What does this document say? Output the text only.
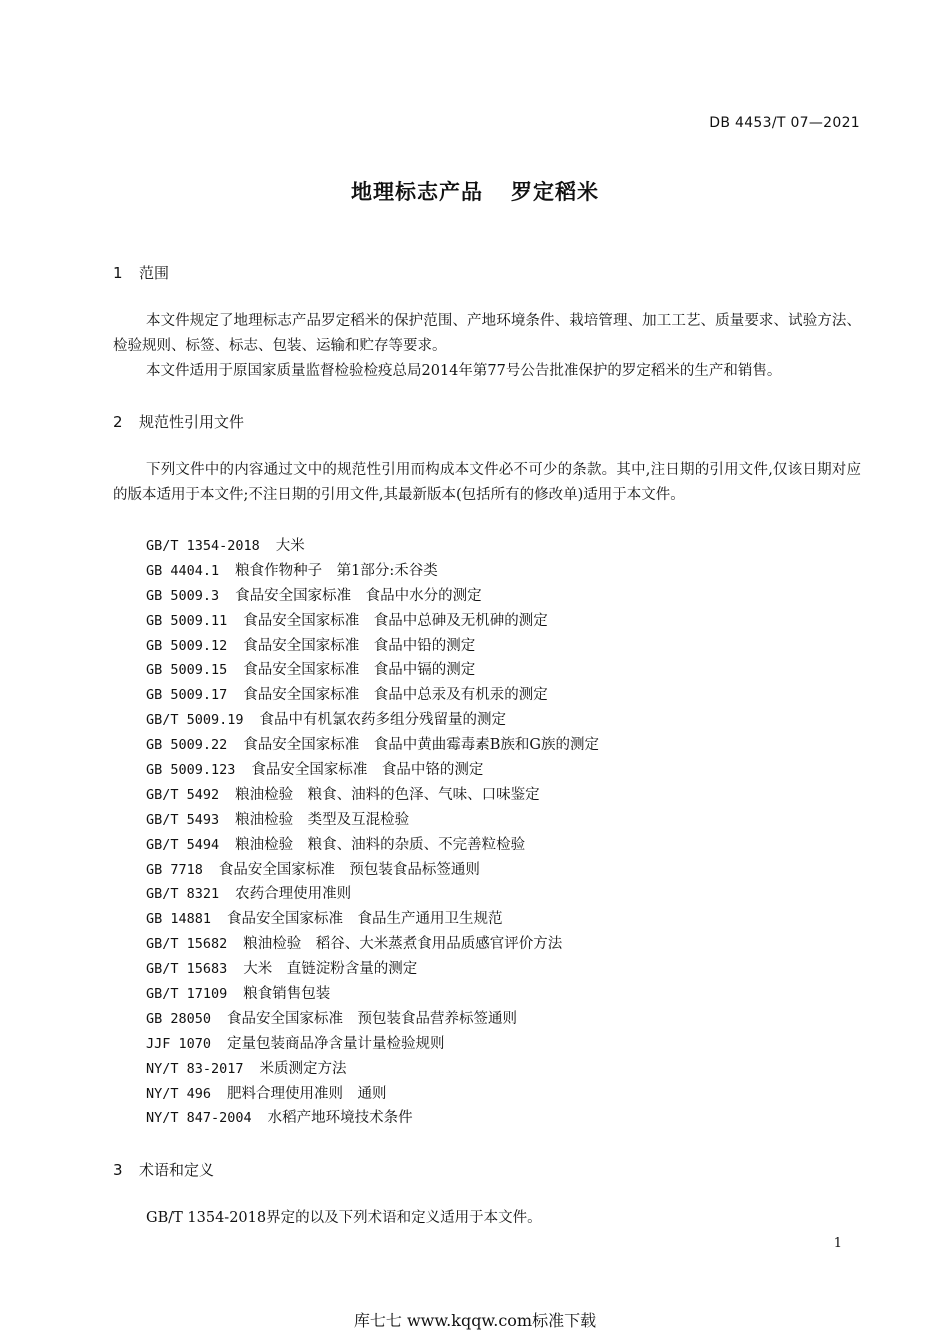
DB 4453/T 07—2021
地理标志产品 罗定稻米
1 范围

本文件规定了地理标志产品罗定稻米的保护范围、产地环境条件、栽培管理、加工工艺、质量要求、试验方法、检验规则、标签、标志、包装、运输和贮存等要求。

本文件适用于原国家质量监督检验检疫总局2014年第77号公告批准保护的罗定稻米的生产和销售。

2 规范性引用文件

下列文件中的内容通过文中的规范性引用而构成本文件必不可少的条款。其中,注日期的引用文件,仅该日期对应的版本适用于本文件;不注日期的引用文件,其最新版本(包括所有的修改单)适用于本文件。

GB/T 1354-2018 大米
GB 4404.1 粮食作物种子　第1部分:禾谷类
GB 5009.3 食品安全国家标准　食品中水分的测定
GB 5009.11 食品安全国家标准　食品中总砷及无机砷的测定
GB 5009.12 食品安全国家标准　食品中铅的测定
GB 5009.15 食品安全国家标准　食品中镉的测定
GB 5009.17 食品安全国家标准　食品中总汞及有机汞的测定
GB/T 5009.19 食品中有机氯农药多组分残留量的测定
GB 5009.22 食品安全国家标准　食品中黄曲霉毒素B族和G族的测定
GB 5009.123 食品安全国家标准　食品中铬的测定
GB/T 5492 粮油检验　粮食、油料的色泽、气味、口味鉴定
GB/T 5493 粮油检验　类型及互混检验
GB/T 5494 粮油检验　粮食、油料的杂质、不完善粒检验
GB 7718 食品安全国家标准　预包装食品标签通则
GB/T 8321 农药合理使用准则
GB 14881 食品安全国家标准　食品生产通用卫生规范
GB/T 15682 粮油检验　稻谷、大米蒸煮食用品质感官评价方法
GB/T 15683 大米　直链淀粉含量的测定
GB/T 17109 粮食销售包装
GB 28050 食品安全国家标准　预包装食品营养标签通则
JJF 1070 定量包装商品净含量计量检验规则
NY/T 83-2017 米质测定方法
NY/T 496 肥料合理使用准则　通则
NY/T 847-2004 水稻产地环境技术条件
3 术语和定义

GB/T 1354-2018界定的以及下列术语和定义适用于本文件。

1
库七七 www.kqqw.com标准下载
